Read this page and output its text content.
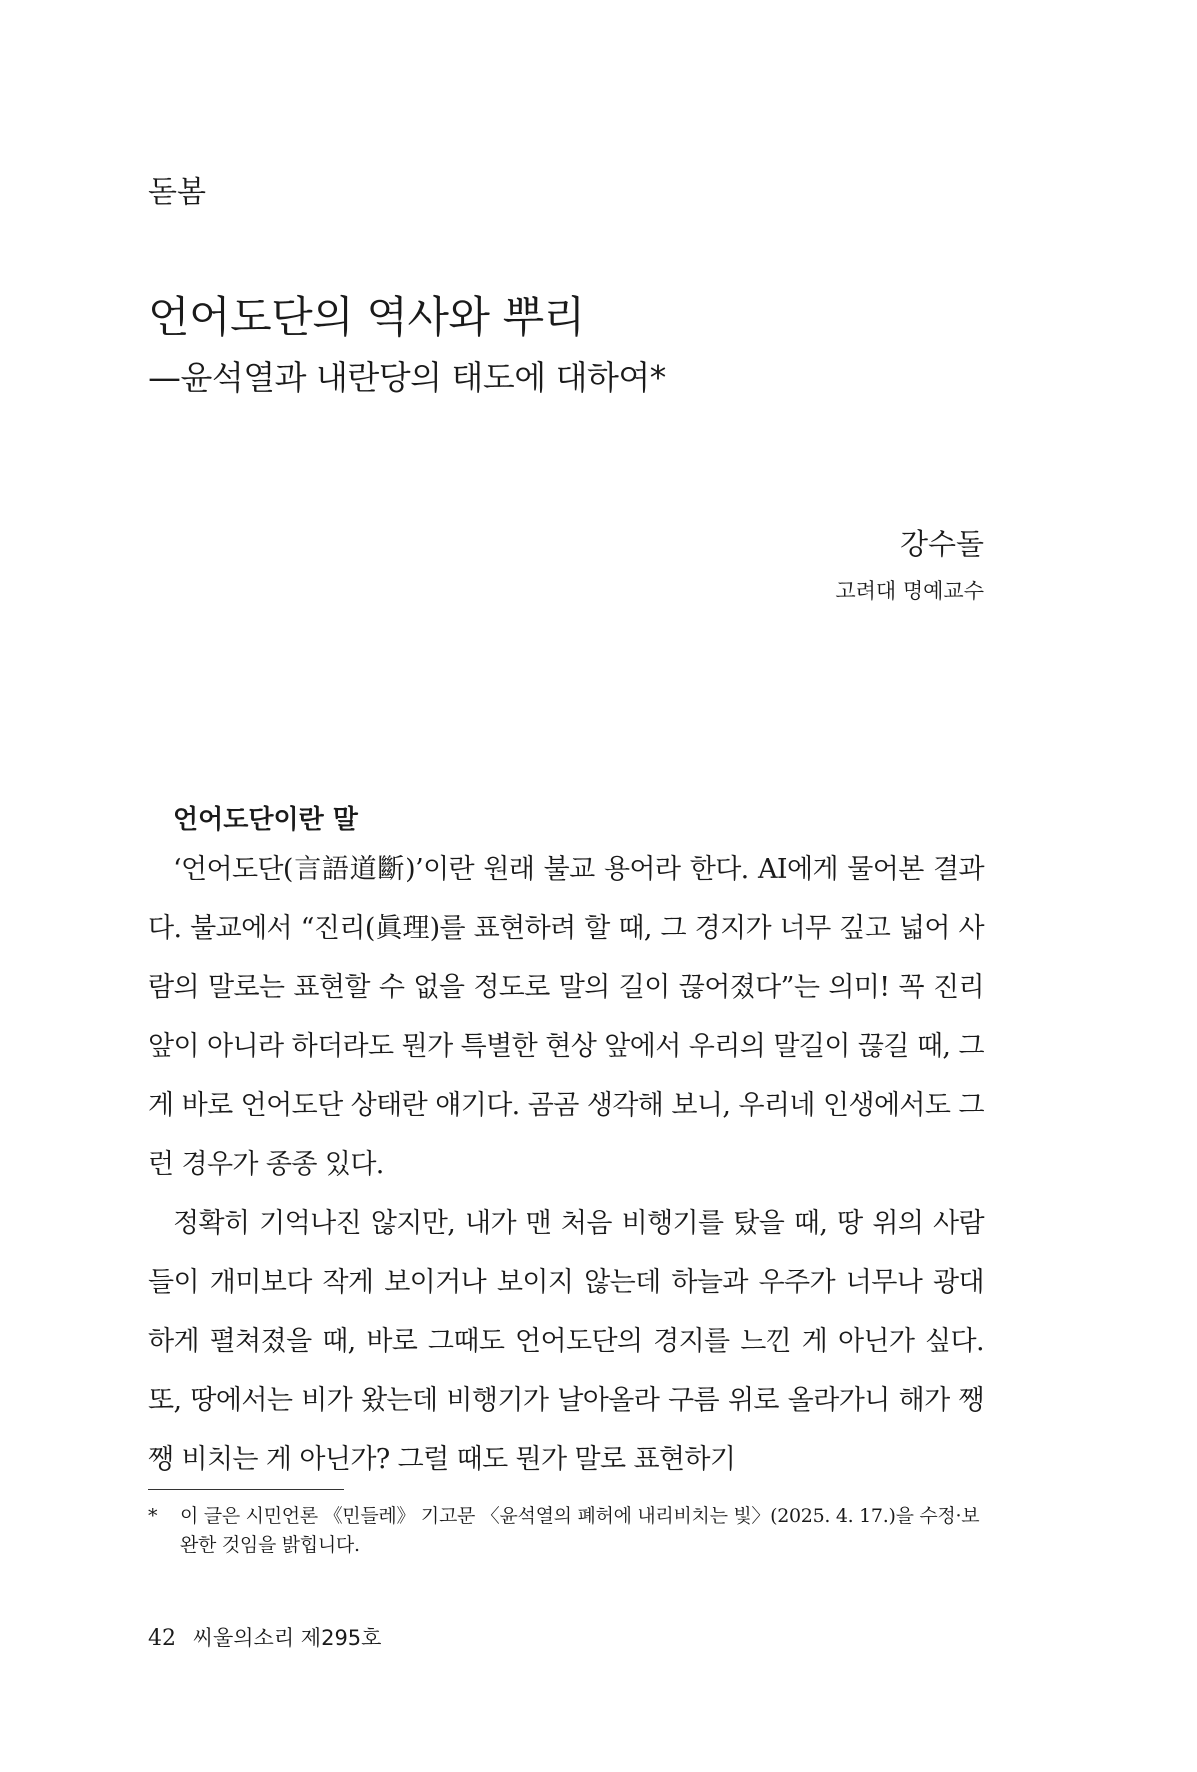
돋봄

언어도단의 역사와 뿌리

—윤석열과 내란당의 태도에 대하여*

강수돌

고려대 명예교수

언어도단이란 말

‘언어도단(言語道斷)’이란 원래 불교 용어라 한다. AI에게 물어본 결과다. 불교에서 “진리(眞理)를 표현하려 할 때, 그 경지가 너무 깊고 넓어 사람의 말로는 표현할 수 없을 정도로 말의 길이 끊어졌다”는 의미! 꼭 진리 앞이 아니라 하더라도 뭔가 특별한 현상 앞에서 우리의 말길이 끊길 때, 그게 바로 언어도단 상태란 얘기다. 곰곰 생각해 보니, 우리네 인생에서도 그런 경우가 종종 있다.

정확히 기억나진 않지만, 내가 맨 처음 비행기를 탔을 때, 땅 위의 사람들이 개미보다 작게 보이거나 보이지 않는데 하늘과 우주가 너무나 광대하게 펼쳐졌을 때, 바로 그때도 언어도단의 경지를 느낀 게 아닌가 싶다. 또, 땅에서는 비가 왔는데 비행기가 날아올라 구름 위로 올라가니 해가 쨍쨍 비치는 게 아닌가? 그럴 때도 뭔가 말로 표현하기

*	이 글은 시민언론 《민들레》 기고문 〈윤석열의 폐허에 내리비치는 빛〉(2025. 4. 17.)을 수정·보완한 것임을 밝힙니다.
42 씨울의소리 제295호
